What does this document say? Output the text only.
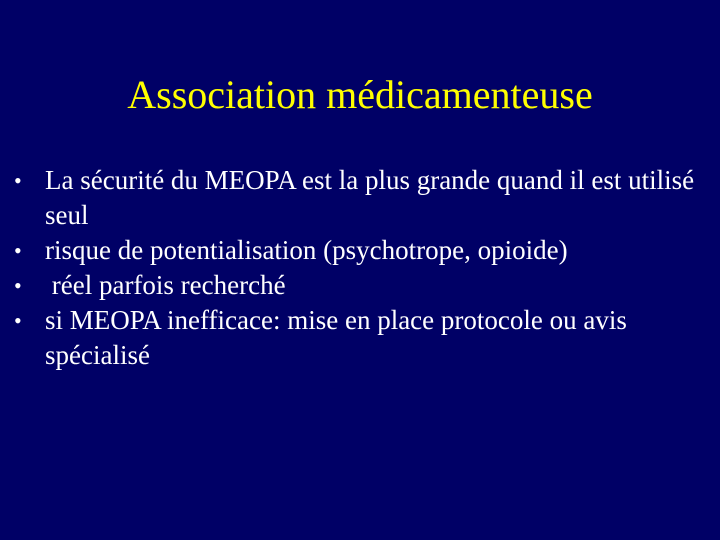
Association médicamenteuse
• La sécurité du MEOPA est la plus grande quand il est utilisé seul
• risque de potentialisation (psychotrope, opioide)
• réel parfois recherché
• si MEOPA inefficace: mise en place protocole ou avis spécialisé
